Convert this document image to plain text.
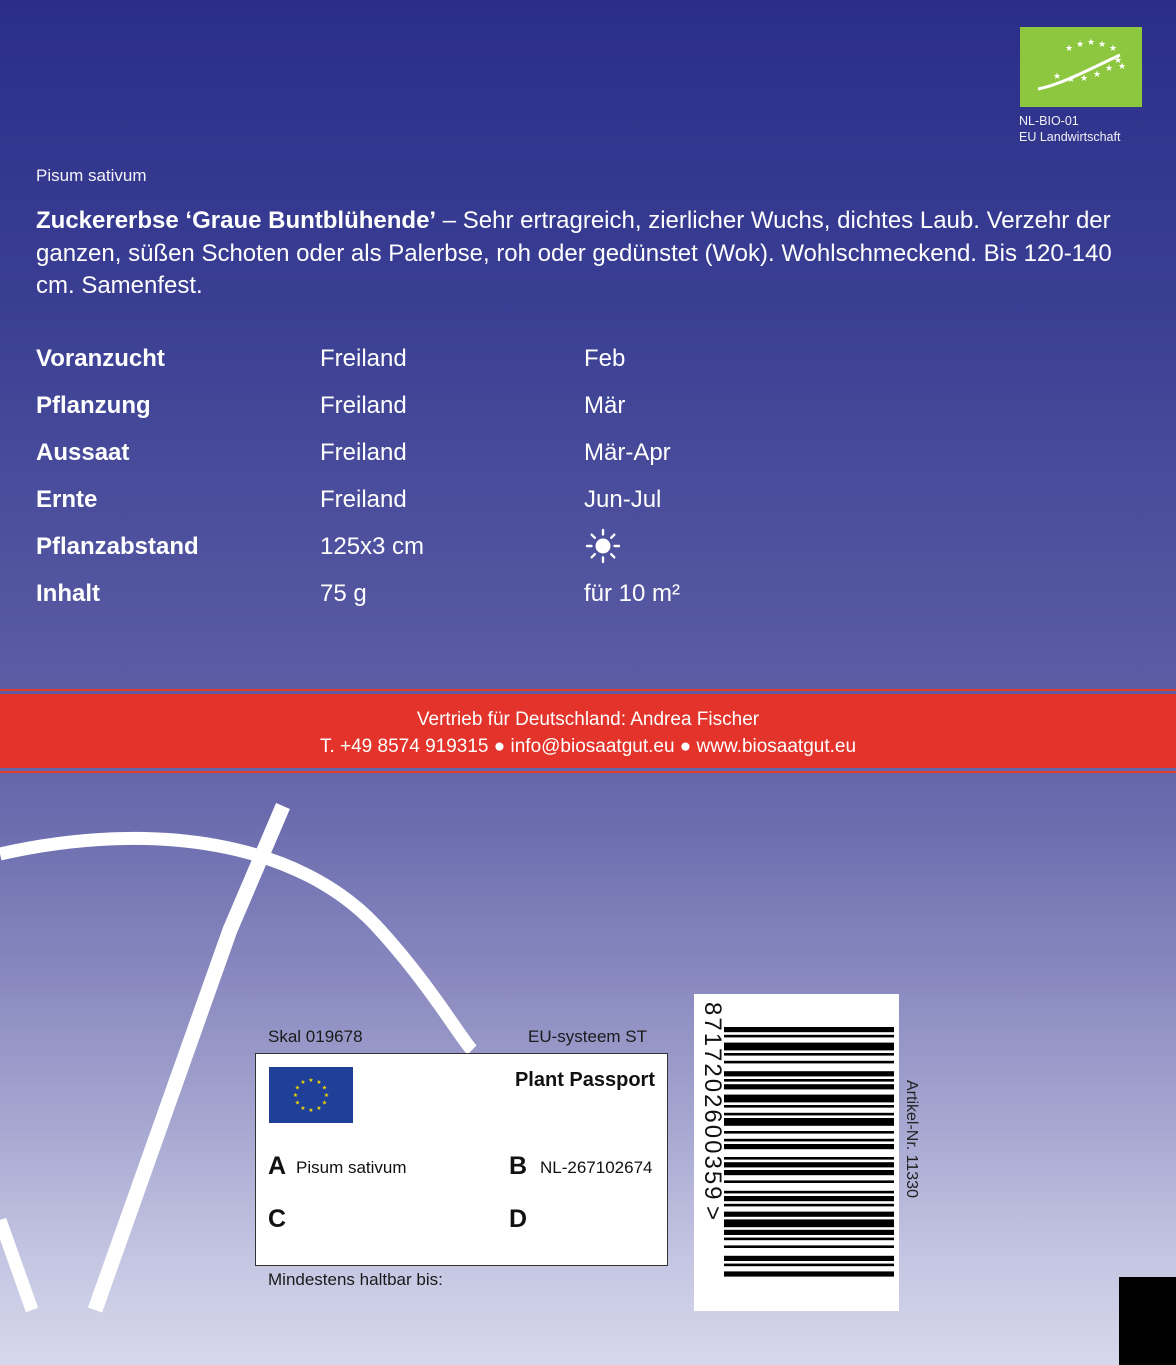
★ ★ ★ ★ ★
★ ★ ★ ★
★
★
★
NL-BIO-01
EU Landwirtschaft
Pisum sativum
Zuckererbse ‘Graue Buntblühende’ – Sehr ertragreich, zierlicher Wuchs, dichtes Laub. Verzehr der ganzen, süßen Schoten oder als Palerbse, roh oder gedünstet (Wok). Wohlschmeckend. Bis 120-140 cm. Samenfest.
Voranzucht	Freiland	Feb
Pflanzung	Freiland	Mär
Aussaat	Freiland	Mär-Apr
Ernte	Freiland	Jun-Jul
Pflanzabstand	125x3 cm
Inhalt	75 g	für 10 m²
Vertrieb für Deutschland: Andrea Fischer
T. +49 8574 919315 ● info@biosaatgut.eu ● www.biosaatgut.eu
Skal 019678	EU-systeem ST
★ ★
★
★
★
★
★
★
★
★
★
★	Plant Passport
A Pisum sativum	B NL-267102674
C	D
Mindestens haltbar bis:
8717202600359
>
Artikel-Nr. 11330
